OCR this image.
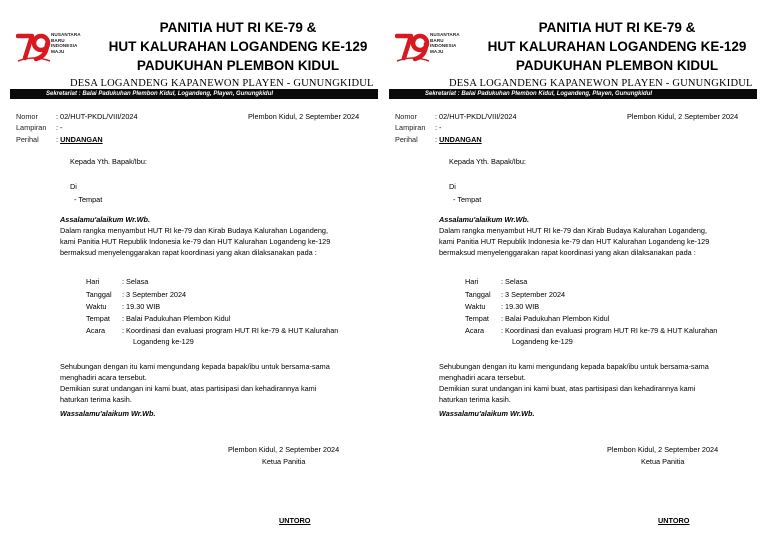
79
NUSANTARA
BARU
INDONESIA
MAJU
PANITIA HUT RI KE-79 &
HUT KALURAHAN LOGANDENG KE-129
PADUKUHAN PLEMBON KIDUL
DESA LOGANDENG KAPANEWON PLAYEN - GUNUNGKIDUL
Sekretariat : Balai Padukuhan Plembon Kidul, Logandeng, Playen, Gunungkidul
Nomor : 02/HUT-PKDL/VIII/2024	Plembon Kidul, 2 September 2024
Lampiran : -
Perihal : UNDANGAN
Kepada Yth. Bapak/Ibu:
Di
- Tempat
Assalamu'alaikum Wr.Wb.
Dalam rangka menyambut HUT RI ke-79 dan Kirab Budaya Kalurahan Logandeng,
kami Panitia HUT Republik Indonesia ke-79 dan HUT Kalurahan Logandeng ke-129
bermaksud menyelenggarakan rapat koordinasi yang akan dilaksanakan pada :
Hari	: Selasa
Tanggal : 3 September 2024
Waktu : 19.30 WIB
Tempat : Balai Padukuhan Plembon Kidul
Acara : Koordinasi dan evaluasi program HUT RI ke-79 & HUT Kalurahan
Logandeng ke-129
Sehubungan dengan itu kami mengundang kepada bapak/ibu untuk bersama-sama
menghadiri acara tersebut.
Demikian surat undangan ini kami buat, atas partisipasi dan kehadirannya kami
haturkan terima kasih.
Wassalamu'alaikum Wr.Wb.
Plembon Kidul, 2 September 2024
Ketua Panitia
UNTORO
79
NUSANTARA
BARU
INDONESIA
MAJU
PANITIA HUT RI KE-79 &
HUT KALURAHAN LOGANDENG KE-129
PADUKUHAN PLEMBON KIDUL
DESA LOGANDENG KAPANEWON PLAYEN - GUNUNGKIDUL
Sekretariat : Balai Padukuhan Plembon Kidul, Logandeng, Playen, Gunungkidul
Nomor : 02/HUT-PKDL/VIII/2024	Plembon Kidul, 2 September 2024
Lampiran : -
Perihal : UNDANGAN
Kepada Yth. Bapak/Ibu:
Di
- Tempat
Assalamu'alaikum Wr.Wb.
Dalam rangka menyambut HUT RI ke-79 dan Kirab Budaya Kalurahan Logandeng,
kami Panitia HUT Republik Indonesia ke-79 dan HUT Kalurahan Logandeng ke-129
bermaksud menyelenggarakan rapat koordinasi yang akan dilaksanakan pada :
Hari	: Selasa
Tanggal : 3 September 2024
Waktu : 19.30 WIB
Tempat : Balai Padukuhan Plembon Kidul
Acara : Koordinasi dan evaluasi program HUT RI ke-79 & HUT Kalurahan
Logandeng ke-129
Sehubungan dengan itu kami mengundang kepada bapak/ibu untuk bersama-sama
menghadiri acara tersebut.
Demikian surat undangan ini kami buat, atas partisipasi dan kehadirannya kami
haturkan terima kasih.
Wassalamu'alaikum Wr.Wb.
Plembon Kidul, 2 September 2024
Ketua Panitia
UNTORO
